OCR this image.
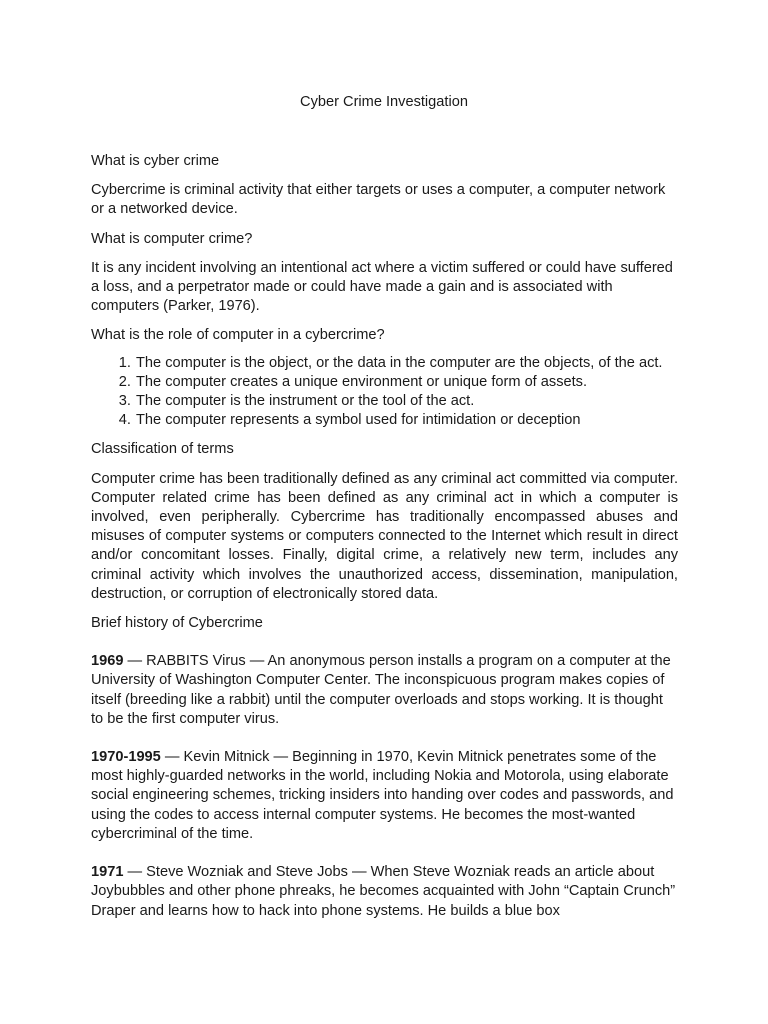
Cyber Crime Investigation

What is cyber crime

Cybercrime is criminal activity that either targets or uses a computer, a computer network or a networked device.

What is computer crime?

It is any incident involving an intentional act where a victim suffered or could have suffered a loss, and a perpetrator made or could have made a gain and is associated with computers (Parker, 1976).

What is the role of computer in a cybercrime?

1. The computer is the object, or the data in the computer are the objects, of the act.
2. The computer creates a unique environment or unique form of assets.
3. The computer is the instrument or the tool of the act.
4. The computer represents a symbol used for intimidation or deception

Classification of terms

Computer crime has been traditionally defined as any criminal act committed via computer. Computer related crime has been defined as any criminal act in which a computer is involved, even peripherally. Cybercrime has traditionally encompassed abuses and misuses of computer systems or computers connected to the Internet which result in direct and/or concomitant losses. Finally, digital crime, a relatively new term, includes any criminal activity which involves the unauthorized access, dissemination, manipulation, destruction, or corruption of electronically stored data.

Brief history of Cybercrime

1969 — RABBITS Virus — An anonymous person installs a program on a computer at the University of Washington Computer Center. The inconspicuous program makes copies of itself (breeding like a rabbit) until the computer overloads and stops working. It is thought to be the first computer virus.

1970-1995 — Kevin Mitnick — Beginning in 1970, Kevin Mitnick penetrates some of the most highly-guarded networks in the world, including Nokia and Motorola, using elaborate social engineering schemes, tricking insiders into handing over codes and passwords, and using the codes to access internal computer systems. He becomes the most-wanted cybercriminal of the time.

1971 — Steve Wozniak and Steve Jobs — When Steve Wozniak reads an article about Joybubbles and other phone phreaks, he becomes acquainted with John “Captain Crunch” Draper and learns how to hack into phone systems. He builds a blue box
